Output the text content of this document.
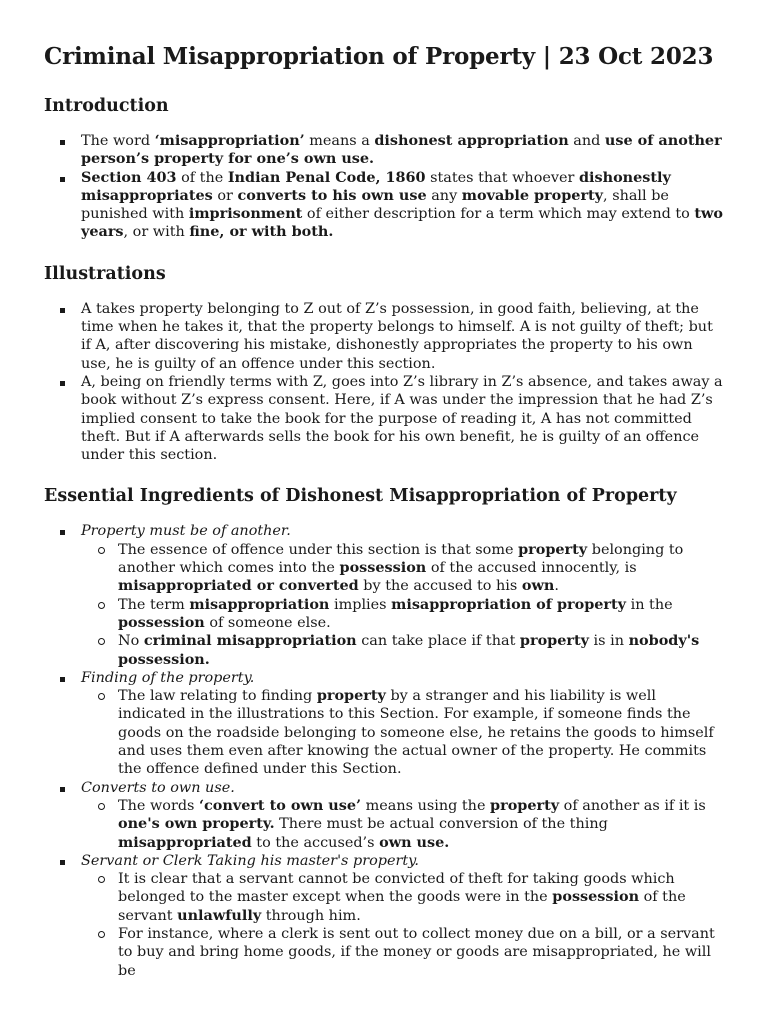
Criminal Misappropriation of Property | 23 Oct 2023
Introduction
The word ‘misappropriation’ means a dishonest appropriation and use of another person’s property for one’s own use.
Section 403 of the Indian Penal Code, 1860 states that whoever dishonestly misappropriates or converts to his own use any movable property, shall be punished with imprisonment of either description for a term which may extend to two years, or with fine, or with both.
Illustrations
A takes property belonging to Z out of Z’s possession, in good faith, believing, at the time when he takes it, that the property belongs to himself. A is not guilty of theft; but if A, after discovering his mistake, dishonestly appropriates the property to his own use, he is guilty of an offence under this section.
A, being on friendly terms with Z, goes into Z’s library in Z’s absence, and takes away a book without Z’s express consent. Here, if A was under the impression that he had Z’s implied consent to take the book for the purpose of reading it, A has not committed theft. But if A afterwards sells the book for his own benefit, he is guilty of an offence under this section.
Essential Ingredients of Dishonest Misappropriation of Property
Property must be of another.
The essence of offence under this section is that some property belonging to another which comes into the possession of the accused innocently, is misappropriated or converted by the accused to his own.
The term misappropriation implies misappropriation of property in the possession of someone else.
No criminal misappropriation can take place if that property is in nobody's possession.
Finding of the property.
The law relating to finding property by a stranger and his liability is well indicated in the illustrations to this Section. For example, if someone finds the goods on the roadside belonging to someone else, he retains the goods to himself and uses them even after knowing the actual owner of the property. He commits the offence defined under this Section.
Converts to own use.
The words ‘convert to own use’ means using the property of another as if it is one's own property. There must be actual conversion of the thing misappropriated to the accused’s own use.
Servant or Clerk Taking his master's property.
It is clear that a servant cannot be convicted of theft for taking goods which belonged to the master except when the goods were in the possession of the servant unlawfully through him.
For instance, where a clerk is sent out to collect money due on a bill, or a servant to buy and bring home goods, if the money or goods are misappropriated, he will be
